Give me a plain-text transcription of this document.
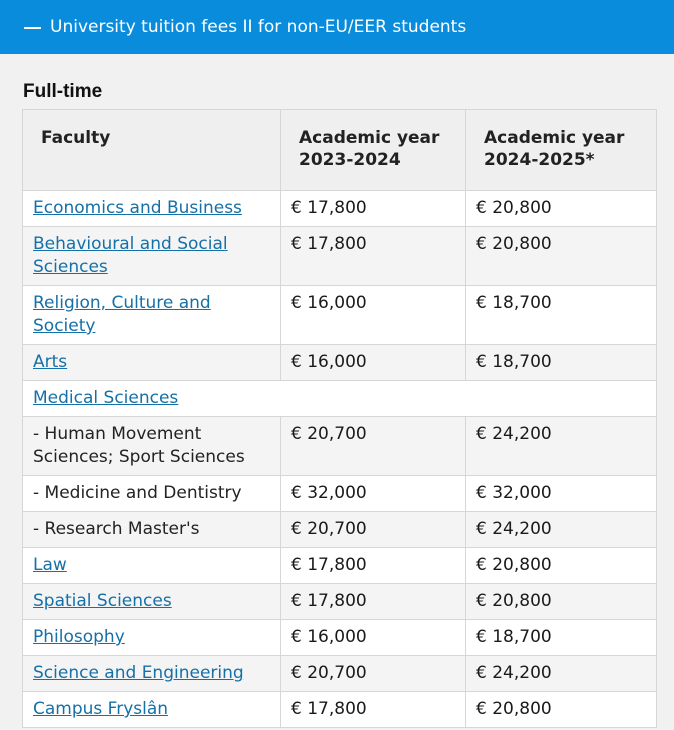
University tuition fees II for non-EU/EER students
Full-time
Faculty	Academic year 2023-2024	Academic year 2024-2025*
Economics and Business	€ 17,800	€ 20,800
Behavioural and Social Sciences	€ 17,800	€ 20,800
Religion, Culture and Society	€ 16,000	€ 18,700
Arts	€ 16,000	€ 18,700
Medical Sciences		
- Human Movement Sciences; Sport Sciences	€ 20,700	€ 24,200
- Medicine and Dentistry	€ 32,000	€ 32,000
- Research Master's	€ 20,700	€ 24,200
Law	€ 17,800	€ 20,800
Spatial Sciences	€ 17,800	€ 20,800
Philosophy	€ 16,000	€ 18,700
Science and Engineering	€ 20,700	€ 24,200
Campus Fryslân	€ 17,800	€ 20,800
